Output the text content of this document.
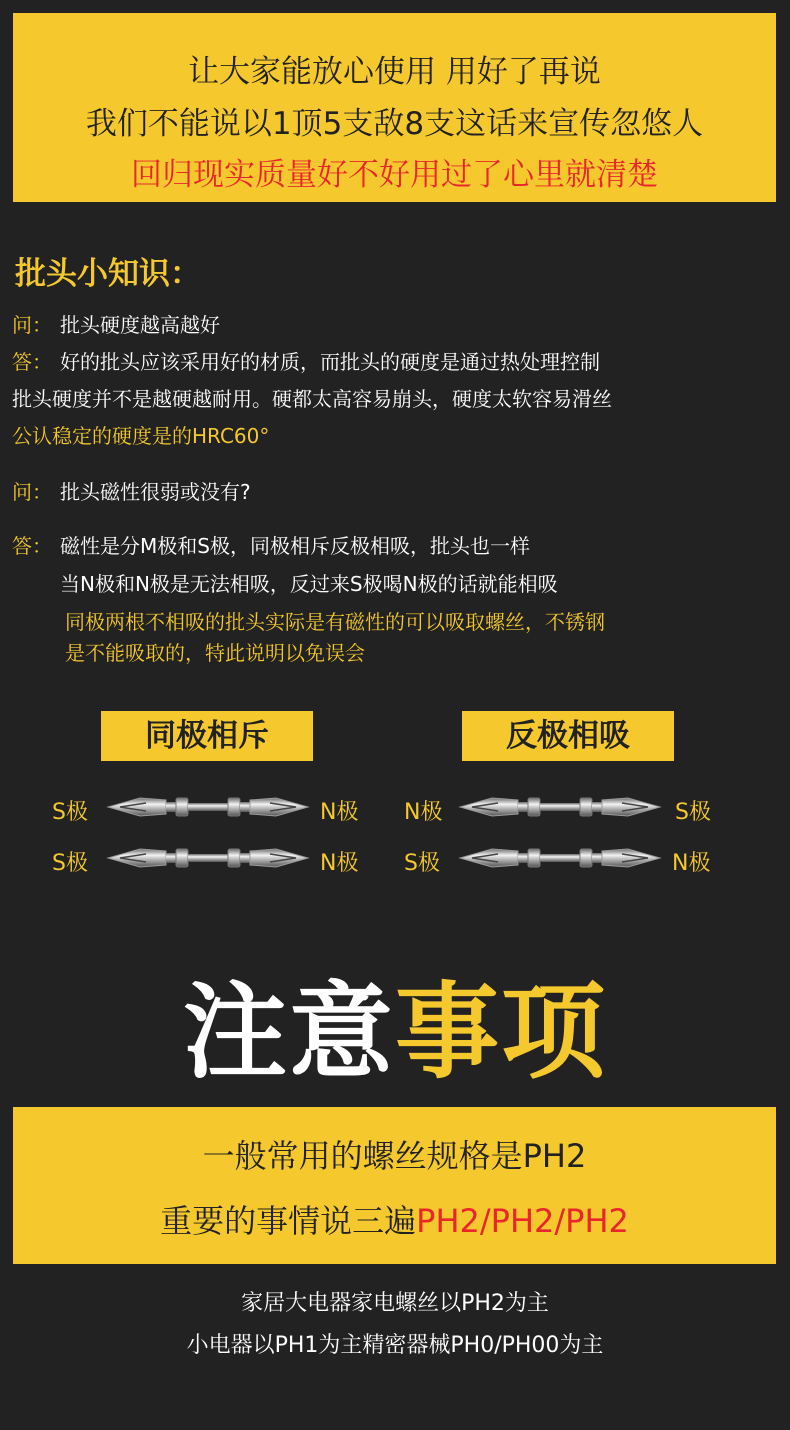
让大家能放心使用 用好了再说
我们不能说以1顶5支敌8支这话来宣传忽悠人
回归现实质量好不好用过了心里就清楚
批头小知识：
问： 批头硬度越高越好
答： 好的批头应该采用好的材质，而批头的硬度是通过热处理控制
批头硬度并不是越硬越耐用。硬都太高容易崩头，硬度太软容易滑丝
公认稳定的硬度是的HRC60°
问： 批头磁性很弱或没有?
答： 磁性是分M极和S极，同极相斥反极相吸，批头也一样
当N极和N极是无法相吸，反过来S极喝N极的话就能相吸
同极两根不相吸的批头实际是有磁性的可以吸取螺丝，不锈钢
是不能吸取的，特此说明以免误会
同极相斥	反极相吸
S极	N极
S极	N极
N极	S极
S极	N极
注意事项
一般常用的螺丝规格是PH2
重要的事情说三遍PH2/PH2/PH2
家居大电器家电螺丝以PH2为主
小电器以PH1为主精密器械PH0/PH00为主
